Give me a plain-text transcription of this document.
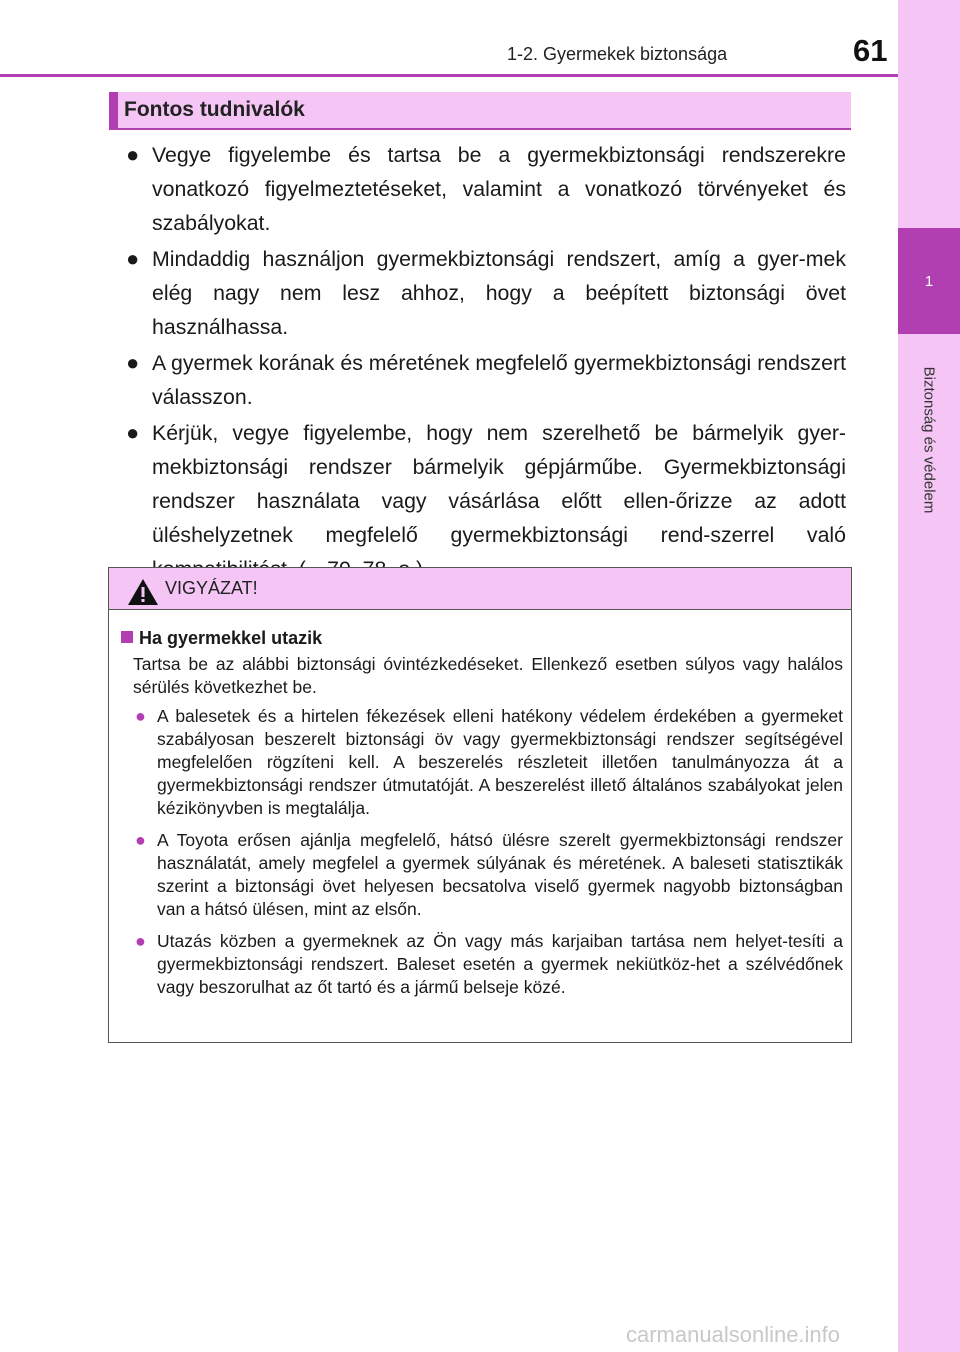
1
Biztonság és védelem
1-2. Gyermekek biztonsága	61
Fontos tudnivalók
● Vegye figyelembe és tartsa be a gyermekbiztonsági rendszerekre vonatkozó figyelmeztetéseket, valamint a vonatkozó törvényeket és szabályokat.
● Mindaddig használjon gyermekbiztonsági rendszert, amíg a gyer-mek elég nagy nem lesz ahhoz, hogy a beépített biztonsági övet használhassa.
● A gyermek korának és méretének megfelelő gyermekbiztonsági rendszert válasszon.
● Kérjük, vegye figyelembe, hogy nem szerelhető be bármelyik gyer-mekbiztonsági rendszer bármelyik gépjárműbe. Gyermekbiztonsági rendszer használata vagy vásárlása előtt ellen-őrizze az adott üléshelyzetnek megfelelő gyermekbiztonsági rend-szerrel való
VIGYÁZAT!
Ha gyermekkel utazik
Tartsa be az alábbi biztonsági óvintézkedéseket. Ellenkező esetben súlyos vagy halálos sérülés következhet be.
● A balesetek és a hirtelen fékezések elleni hatékony védelem érdekében a gyermeket szabályosan beszerelt biztonsági öv vagy gyermekbiztonsági rendszer segítségével megfelelően rögzíteni kell. A beszerelés részleteit illetően tanulmányozza át a gyermekbiztonsági rendszer útmutatóját. A beszerelést illető általános szabályokat jelen kézikönyvben is megtalálja.
● A Toyota erősen ajánlja megfelelő, hátsó ülésre szerelt gyermekbiztonsági rendszer használatát, amely megfelel a gyermek súlyának és méretének. A baleseti statisztikák szerint a biztonsági övet helyesen becsatolva viselő gyermek nagyobb biztonságban van a hátsó ülésen, mint az elsőn.
● Utazás közben a gyermeknek az Ön vagy más karjaiban tartása nem helyet-tesíti a gyermekbiztonsági rendszert. Baleset esetén a gyermek nekiütköz-het a szélvédőnek vagy beszorulhat az őt tartó és a jármű belseje közé.
carmanualsonline.info
